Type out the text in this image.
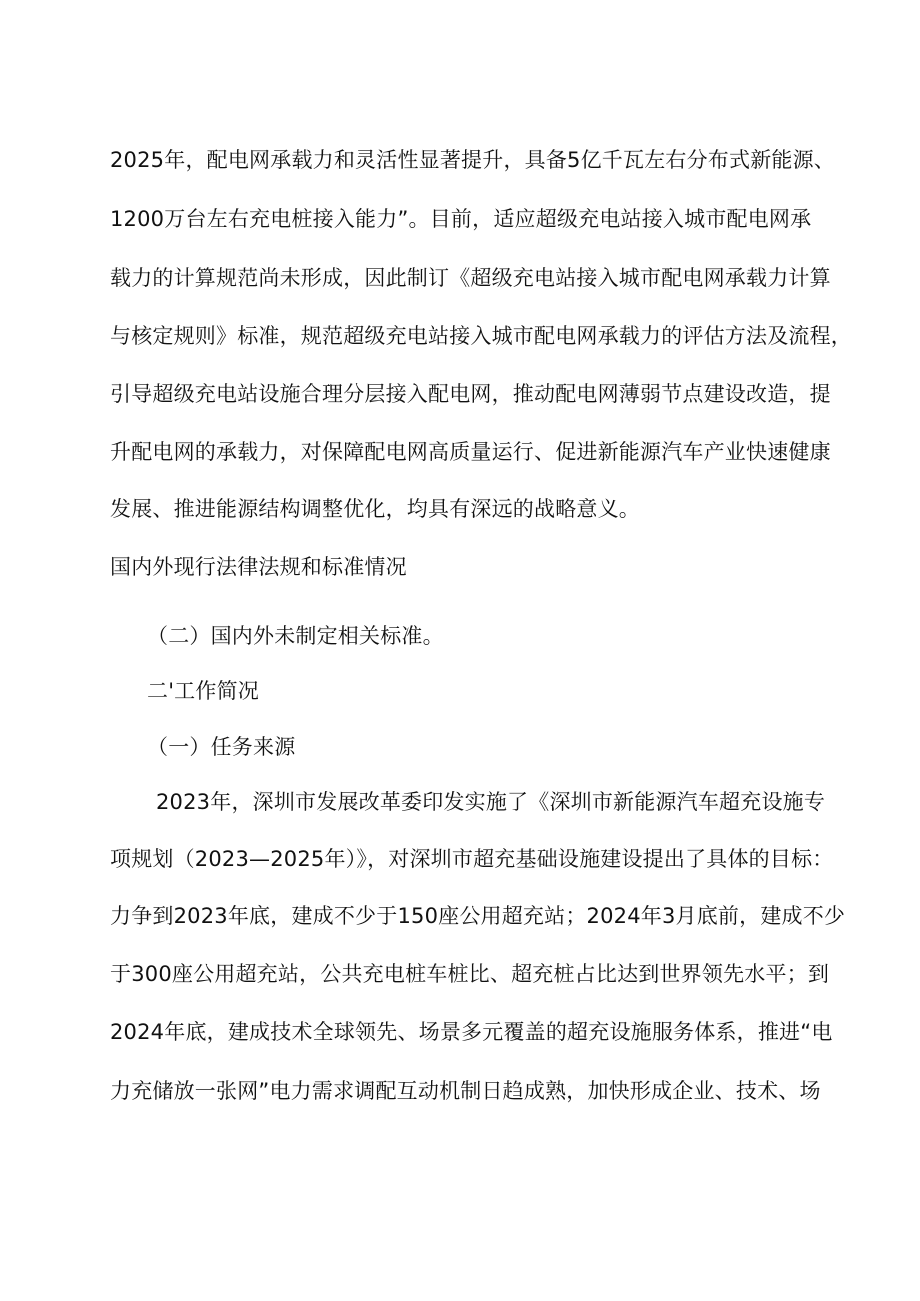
2025年，配电网承载力和灵活性显著提升，具备5亿千瓦左右分布式新能源、
1200万台左右充电桩接入能力”。目前，适应超级充电站接入城市配电网承
载力的计算规范尚未形成，因此制订《超级充电站接入城市配电网承载力计算
与核定规则》标准，规范超级充电站接入城市配电网承载力的评估方法及流程，
引导超级充电站设施合理分层接入配电网，推动配电网薄弱节点建设改造，提
升配电网的承载力，对保障配电网高质量运行、促进新能源汽车产业快速健康
发展、推进能源结构调整优化，均具有深远的战略意义。
国内外现行法律法规和标准情况
（二）国内外未制定相关标准。
二'工作简况
（一）任务来源
2023年，深圳市发展改革委印发实施了《深圳市新能源汽车超充设施专
项规划（2023—2025年）》，对深圳市超充基础设施建设提出了具体的目标：
力争到2023年底，建成不少于150座公用超充站；2024年3月底前，建成不少
于300座公用超充站，公共充电桩车桩比、超充桩占比达到世界领先水平；到
2024年底，建成技术全球领先、场景多元覆盖的超充设施服务体系，推进“电
力充储放一张网”电力需求调配互动机制日趋成熟，加快形成企业、技术、场
